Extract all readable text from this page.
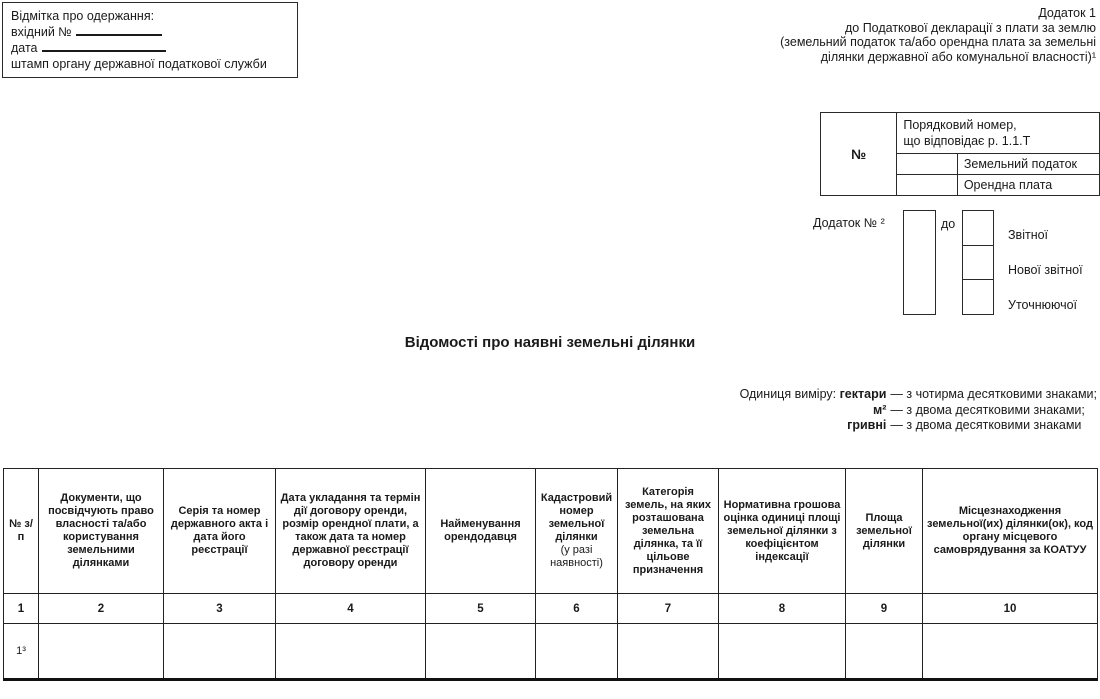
Відмітка про одержання:
вхідний №
дата
штамп органу державної податкової служби
Додаток 1
до Податкової декларації з плати за землю
(земельний податок та/або орендна плата за земельні
ділянки державної або комунальної власності)¹
№	Порядковий номер,
що відповідає р. 1.1.Т	

		Земельний податок
		Орендна плата
Додаток № ²	до
Звітної
Нової звітної
Уточнюючої
Відомості про наявні земельні ділянки
Одиниця виміру: гектари — з чотирма десятковими знаками;
м² — з двома десятковими знаками;
гривні — з двома десятковими знаками
№ з/п	Документи, що посвідчують право власності та/або користування земельними ділянками	Серія та номер державного акта і дата його реєстрації	Дата укладання та термін дії договору оренди, розмір орендної плати, а також дата та номер державної реєстрації договору оренди	Найменування орендодавця	Кадастровий номер земельної ділянки
(у разі наявності)	Категорія земель, на яких розташована земельна ділянка, та її цільове призначення	Нормативна грошова оцінка одиниці площі земельної ділянки з коефіцієнтом індексації	Площа земельної ділянки	Місцезнаходження земельної(их) ділянки(ок), код органу місцевого самоврядування за КОАТУУ
1	2	3	4	5	6	7	8	9	10
1³									
